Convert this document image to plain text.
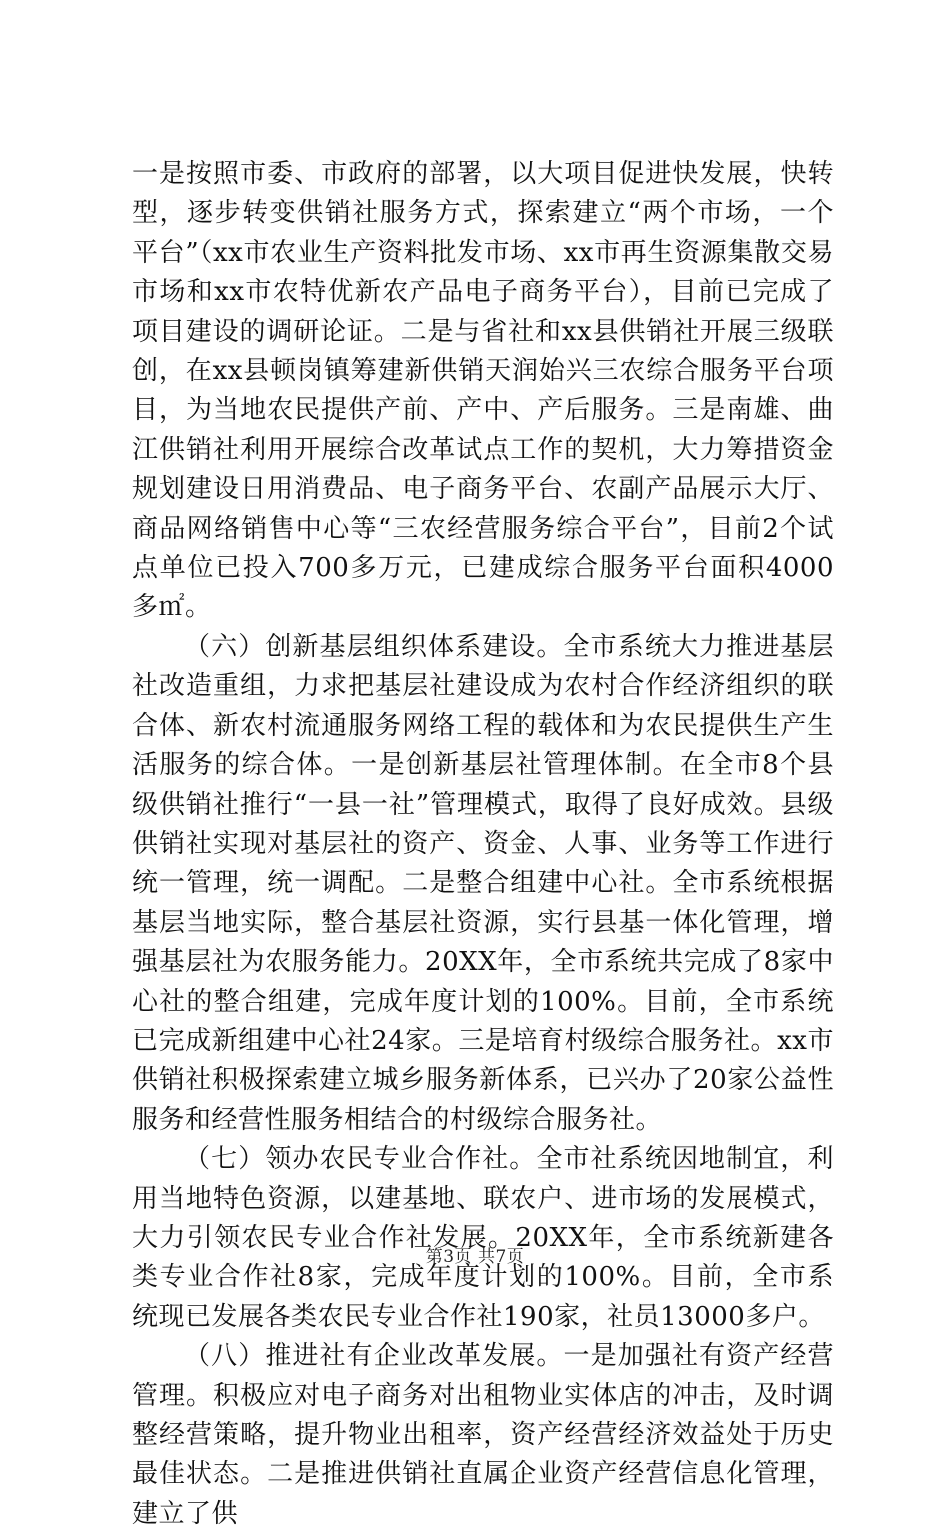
一是按照市委、市政府的部署，以大项目促进快发展，快转型，逐步转变供销社服务方式，探索建立“两个市场，一个平台”（xx市农业生产资料批发市场、xx市再生资源集散交易市场和xx市农特优新农产品电子商务平台），目前已完成了项目建设的调研论证。二是与省社和xx县供销社开展三级联创，在xx县顿岗镇筹建新供销天润始兴三农综合服务平台项目，为当地农民提供产前、产中、产后服务。三是南雄、曲江供销社利用开展综合改革试点工作的契机，大力筹措资金规划建设日用消费品、电子商务平台、农副产品展示大厅、商品网络销售中心等“三农经营服务综合平台”，目前2个试点单位已投入700多万元，已建成综合服务平台面积4000多㎡。

（六）创新基层组织体系建设。全市系统大力推进基层社改造重组，力求把基层社建设成为农村合作经济组织的联合体、新农村流通服务网络工程的载体和为农民提供生产生活服务的综合体。一是创新基层社管理体制。在全市8个县级供销社推行“一县一社”管理模式，取得了良好成效。县级供销社实现对基层社的资产、资金、人事、业务等工作进行统一管理，统一调配。二是整合组建中心社。全市系统根据基层当地实际，整合基层社资源，实行县基一体化管理，增强基层社为农服务能力。20XX年，全市系统共完成了8家中心社的整合组建，完成年度计划的100%。目前，全市系统已完成新组建中心社24家。三是培育村级综合服务社。xx市供销社积极探索建立城乡服务新体系，已兴办了20家公益性服务和经营性服务相结合的村级综合服务社。

（七）领办农民专业合作社。全市社系统因地制宜，利用当地特色资源，以建基地、联农户、进市场的发展模式，大力引领农民专业合作社发展。20XX年，全市系统新建各类专业合作社8家，完成年度计划的100%。目前，全市系统现已发展各类农民专业合作社190家，社员13000多户。

（八）推进社有企业改革发展。一是加强社有资产经营管理。积极应对电子商务对出租物业实体店的冲击，及时调整经营策略，提升物业出租率，资产经营经济效益处于历史最佳状态。二是推进供销社直属企业资产经营信息化管理，建立了供

第3页 共7页
